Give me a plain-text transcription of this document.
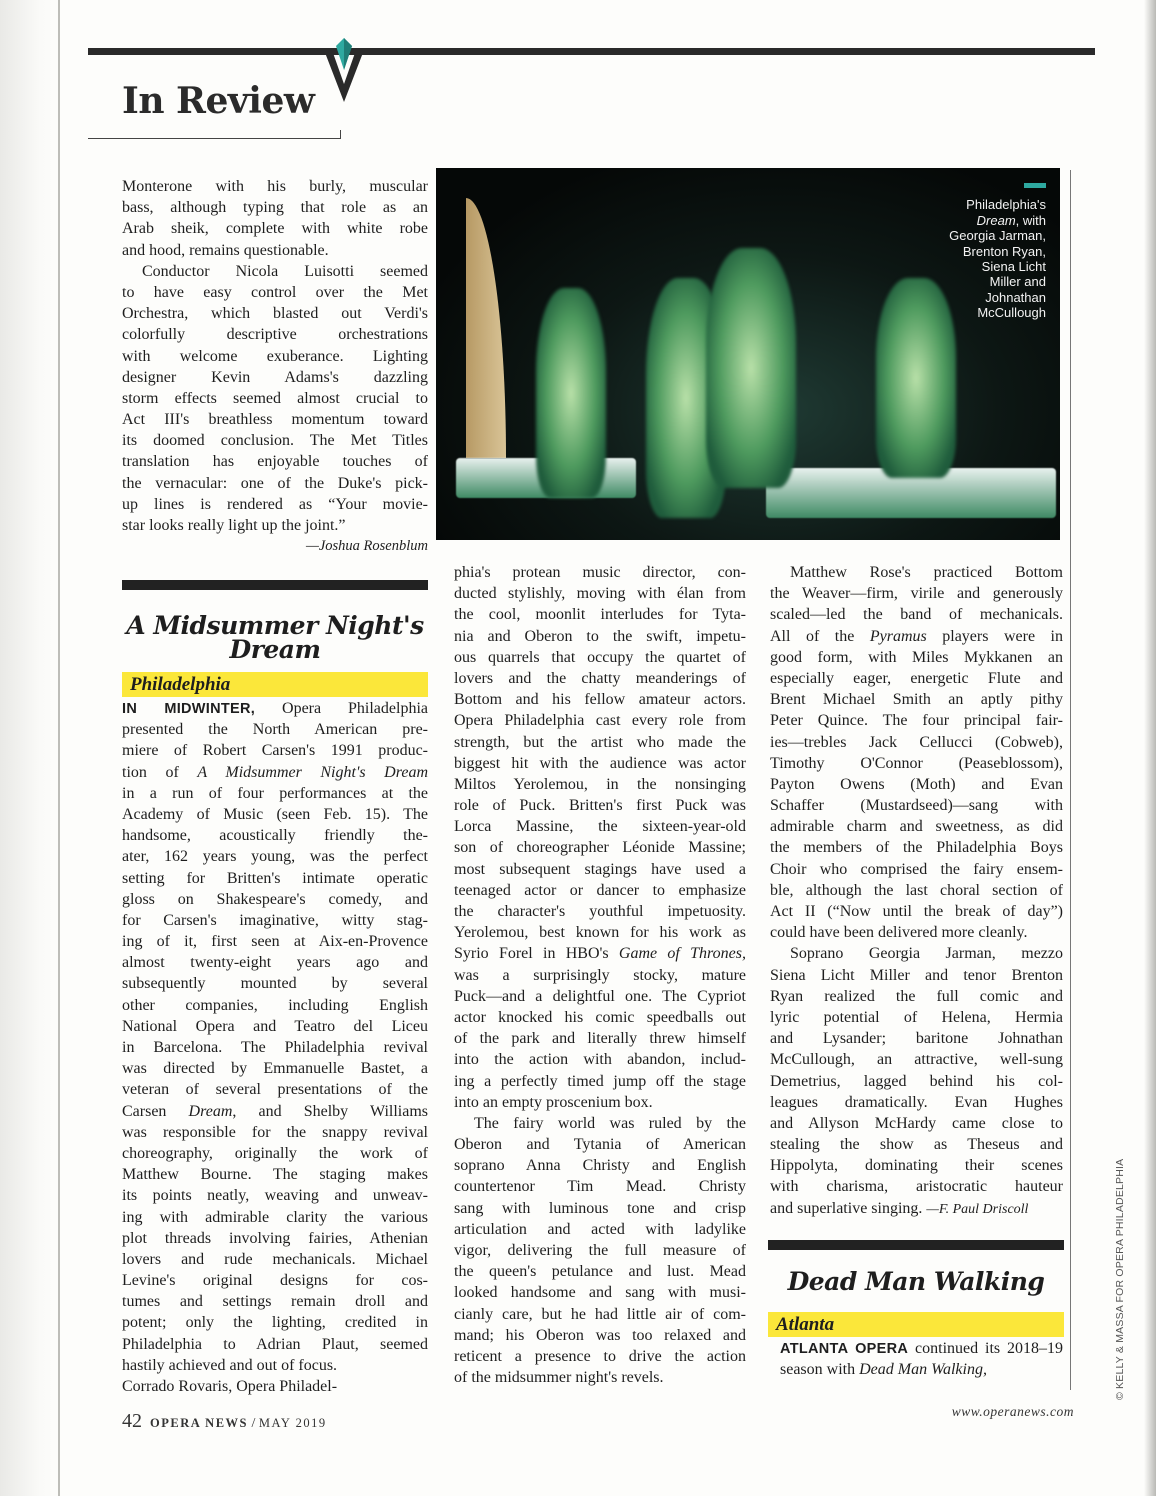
In Review
Monterone with his burly, muscular
bass, although typing that role as an
Arab sheik, complete with white robe
and hood, remains questionable.
Conductor Nicola Luisotti seemed
to have easy control over the Met
Orchestra, which blasted out Verdi's
colorfully descriptive orchestrations
with welcome exuberance. Lighting
designer Kevin Adams's dazzling
storm effects seemed almost crucial to
Act III's breathless momentum toward
its doomed conclusion. The Met Titles
translation has enjoyable touches of
the vernacular: one of the Duke's pick-
up lines is rendered as “Your movie-
star looks really light up the joint.”
—Joshua Rosenblum

Philadelphia's
Dream, with
Georgia Jarman,
Brenton Ryan,
Siena Licht
Miller and
Johnathan
McCullough
A Midsummer Night's
Dream
Philadelphia
IN MIDWINTER, Opera Philadelphia
presented the North American pre-
miere of Robert Carsen's 1991 produc-
tion of A Midsummer Night's Dream
in a run of four performances at the
Academy of Music (seen Feb. 15). The
handsome, acoustically friendly the-
ater, 162 years young, was the perfect
setting for Britten's intimate operatic
gloss on Shakespeare's comedy, and
for Carsen's imaginative, witty stag-
ing of it, first seen at Aix-en-Provence
almost twenty-eight years ago and
subsequently mounted by several
other companies, including English
National Opera and Teatro del Liceu
in Barcelona. The Philadelphia revival
was directed by Emmanuelle Bastet, a
veteran of several presentations of the
Carsen Dream, and Shelby Williams
was responsible for the snappy revival
choreography, originally the work of
Matthew Bourne. The staging makes
its points neatly, weaving and unweav-
ing with admirable clarity the various
plot threads involving fairies, Athenian
lovers and rude mechanicals. Michael
Levine's original designs for cos-
tumes and settings remain droll and
potent; only the lighting, credited in
Philadelphia to Adrian Plaut, seemed
hastily achieved and out of focus.
Corrado Rovaris, Opera Philadel-
phia's protean music director, con-
ducted stylishly, moving with élan from
the cool, moonlit interludes for Tyta-
nia and Oberon to the swift, impetu-
ous quarrels that occupy the quartet of
lovers and the chatty meanderings of
Bottom and his fellow amateur actors.
Opera Philadelphia cast every role from
strength, but the artist who made the
biggest hit with the audience was actor
Miltos Yerolemou, in the nonsinging
role of Puck. Britten's first Puck was
Lorca Massine, the sixteen-year-old
son of choreographer Léonide Massine;
most subsequent stagings have used a
teenaged actor or dancer to emphasize
the character's youthful impetuosity.
Yerolemou, best known for his work as
Syrio Forel in HBO's Game of Thrones,
was a surprisingly stocky, mature
Puck—and a delightful one. The Cypriot
actor knocked his comic speedballs out
of the park and literally threw himself
into the action with abandon, includ-
ing a perfectly timed jump off the stage
into an empty proscenium box.
The fairy world was ruled by the
Oberon and Tytania of American
soprano Anna Christy and English
countertenor Tim Mead. Christy
sang with luminous tone and crisp
articulation and acted with ladylike
vigor, delivering the full measure of
the queen's petulance and lust. Mead
looked handsome and sang with musi-
cianly care, but he had little air of com-
mand; his Oberon was too relaxed and
reticent a presence to drive the action
of the midsummer night's revels.
Matthew Rose's practiced Bottom
the Weaver—firm, virile and generously
scaled—led the band of mechanicals.
All of the Pyramus players were in
good form, with Miles Mykkanen an
especially eager, energetic Flute and
Brent Michael Smith an aptly pithy
Peter Quince. The four principal fair-
ies—trebles Jack Cellucci (Cobweb),
Timothy O'Connor (Peaseblossom),
Payton Owens (Moth) and Evan
Schaffer (Mustardseed)—sang with
admirable charm and sweetness, as did
the members of the Philadelphia Boys
Choir who comprised the fairy ensem-
ble, although the last choral section of
Act II (“Now until the break of day”)
could have been delivered more cleanly.
Soprano Georgia Jarman, mezzo
Siena Licht Miller and tenor Brenton
Ryan realized the full comic and
lyric potential of Helena, Hermia
and Lysander; baritone Johnathan
McCullough, an attractive, well-sung
Demetrius, lagged behind his col-
leagues dramatically. Evan Hughes
and Allyson McHardy came close to
stealing the show as Theseus and
Hippolyta, dominating their scenes
with charisma, aristocratic hauteur
and superlative singing. —F. Paul Driscoll
Dead Man Walking
Atlanta
ATLANTA OPERA continued its 2018–19
season with Dead Man Walking,	© KELLY & MASSA FOR OPERA PHILADELPHIA
42 OPERA NEWS / MAY 2019
www.operanews.com
